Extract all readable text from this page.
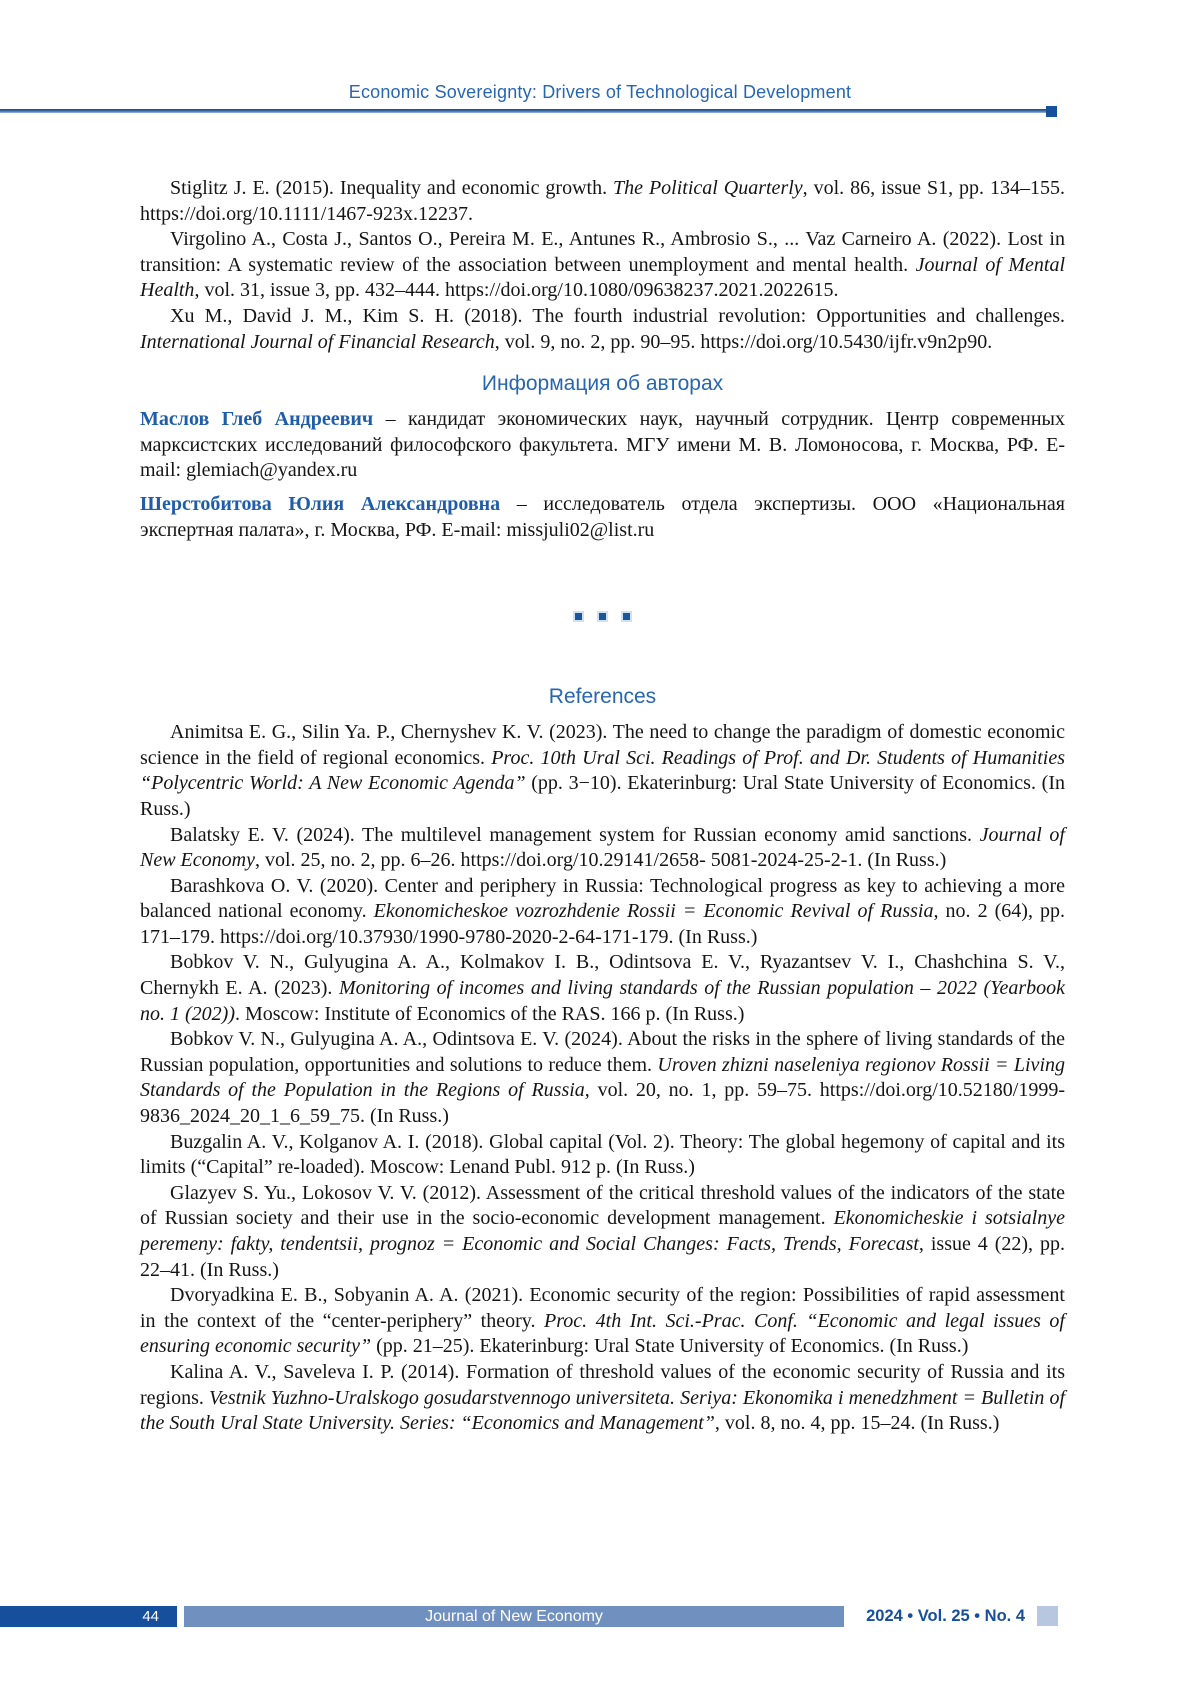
Economic Sovereignty: Drivers of Technological Development

Stiglitz J. E. (2015). Inequality and economic growth. The Political Quarterly, vol. 86, issue S1, pp. 134–155. https://doi.org/10.1111/1467-923x.12237.

Virgolino A., Costa J., Santos O., Pereira M. E., Antunes R., Ambrosio S., ... Vaz Carneiro A. (2022). Lost in transition: A systematic review of the association between unemployment and mental health. Journal of Mental Health, vol. 31, issue 3, pp. 432–444. https://doi.org/10.1080/09638237.2021.2022615.

Xu M., David J. M., Kim S. H. (2018). The fourth industrial revolution: Opportunities and challenges. International Journal of Financial Research, vol. 9, no. 2, pp. 90–95. https://doi.org/10.5430/ijfr.v9n2p90.

Информация об авторах

Маслов Глеб Андреевич – кандидат экономических наук, научный сотрудник. Центр современных марксистских исследований философского факультета. МГУ имени М. В. Ломоносова, г. Москва, РФ. E-mail: glemiach@yandex.ru

Шерстобитова Юлия Александровна – исследователь отдела экспертизы. ООО «Национальная экспертная палата», г. Москва, РФ. E-mail: missjuli02@list.ru

References

Animitsa E. G., Silin Ya. P., Chernyshev K. V. (2023). The need to change the paradigm of domestic economic science in the field of regional economics. Proc. 10th Ural Sci. Readings of Prof. and Dr. Students of Humanities “Polycentric World: A New Economic Agenda” (pp. 3−10). Ekaterinburg: Ural State University of Economics. (In Russ.)

Balatsky E. V. (2024). The multilevel management system for Russian economy amid sanctions. Journal of New Economy, vol. 25, no. 2, pp. 6–26. https://doi.org/10.29141/2658- 5081-2024-25-2-1. (In Russ.)

Barashkova O. V. (2020). Center and periphery in Russia: Technological progress as key to achieving a more balanced national economy. Ekonomicheskoe vozrozhdenie Rossii = Economic Revival of Russia, no. 2 (64), pp. 171–179. https://doi.org/10.37930/1990-9780-2020-2-64-171-179. (In Russ.)

Bobkov V. N., Gulyugina A. A., Kolmakov I. B., Odintsova E. V., Ryazantsev V. I., Chashchina S. V., Chernykh E. A. (2023). Monitoring of incomes and living standards of the Russian population – 2022 (Yearbook no. 1 (202)). Moscow: Institute of Economics of the RAS. 166 p. (In Russ.)

Bobkov V. N., Gulyugina A. A., Odintsova E. V. (2024). About the risks in the sphere of living standards of the Russian population, opportunities and solutions to reduce them. Uroven zhizni naseleniya regionov Rossii = Living Standards of the Population in the Regions of Russia, vol. 20, no. 1, pp. 59–75. https://doi.org/10.52180/1999-9836_2024_20_1_6_59_75. (In Russ.)

Buzgalin A. V., Kolganov A. I. (2018). Global capital (Vol. 2). Theory: The global hegemony of capital and its limits (“Capital” re-loaded). Moscow: Lenand Publ. 912 p. (In Russ.)

Glazyev S. Yu., Lokosov V. V. (2012). Assessment of the critical threshold values of the indicators of the state of Russian society and their use in the socio-economic development management. Ekonomicheskie i sotsialnye peremeny: fakty, tendentsii, prognoz = Economic and Social Changes: Facts, Trends, Forecast, issue 4 (22), pp. 22–41. (In Russ.)

Dvoryadkina E. B., Sobyanin A. A. (2021). Economic security of the region: Possibilities of rapid assessment in the context of the “center-periphery” theory. Proc. 4th Int. Sci.-Prac. Conf. “Economic and legal issues of ensuring economic security” (pp. 21–25). Ekaterinburg: Ural State University of Economics. (In Russ.)

Kalina A. V., Saveleva I. P. (2014). Formation of threshold values of the economic security of Russia and its regions. Vestnik Yuzhno-Uralskogo gosudarstvennogo universiteta. Seriya: Ekonomika i menedzhment = Bulletin of the South Ural State University. Series: “Economics and Management”, vol. 8, no. 4, pp. 15–24. (In Russ.)

44	Journal of New Economy	2024 • Vol. 25 • No. 4
